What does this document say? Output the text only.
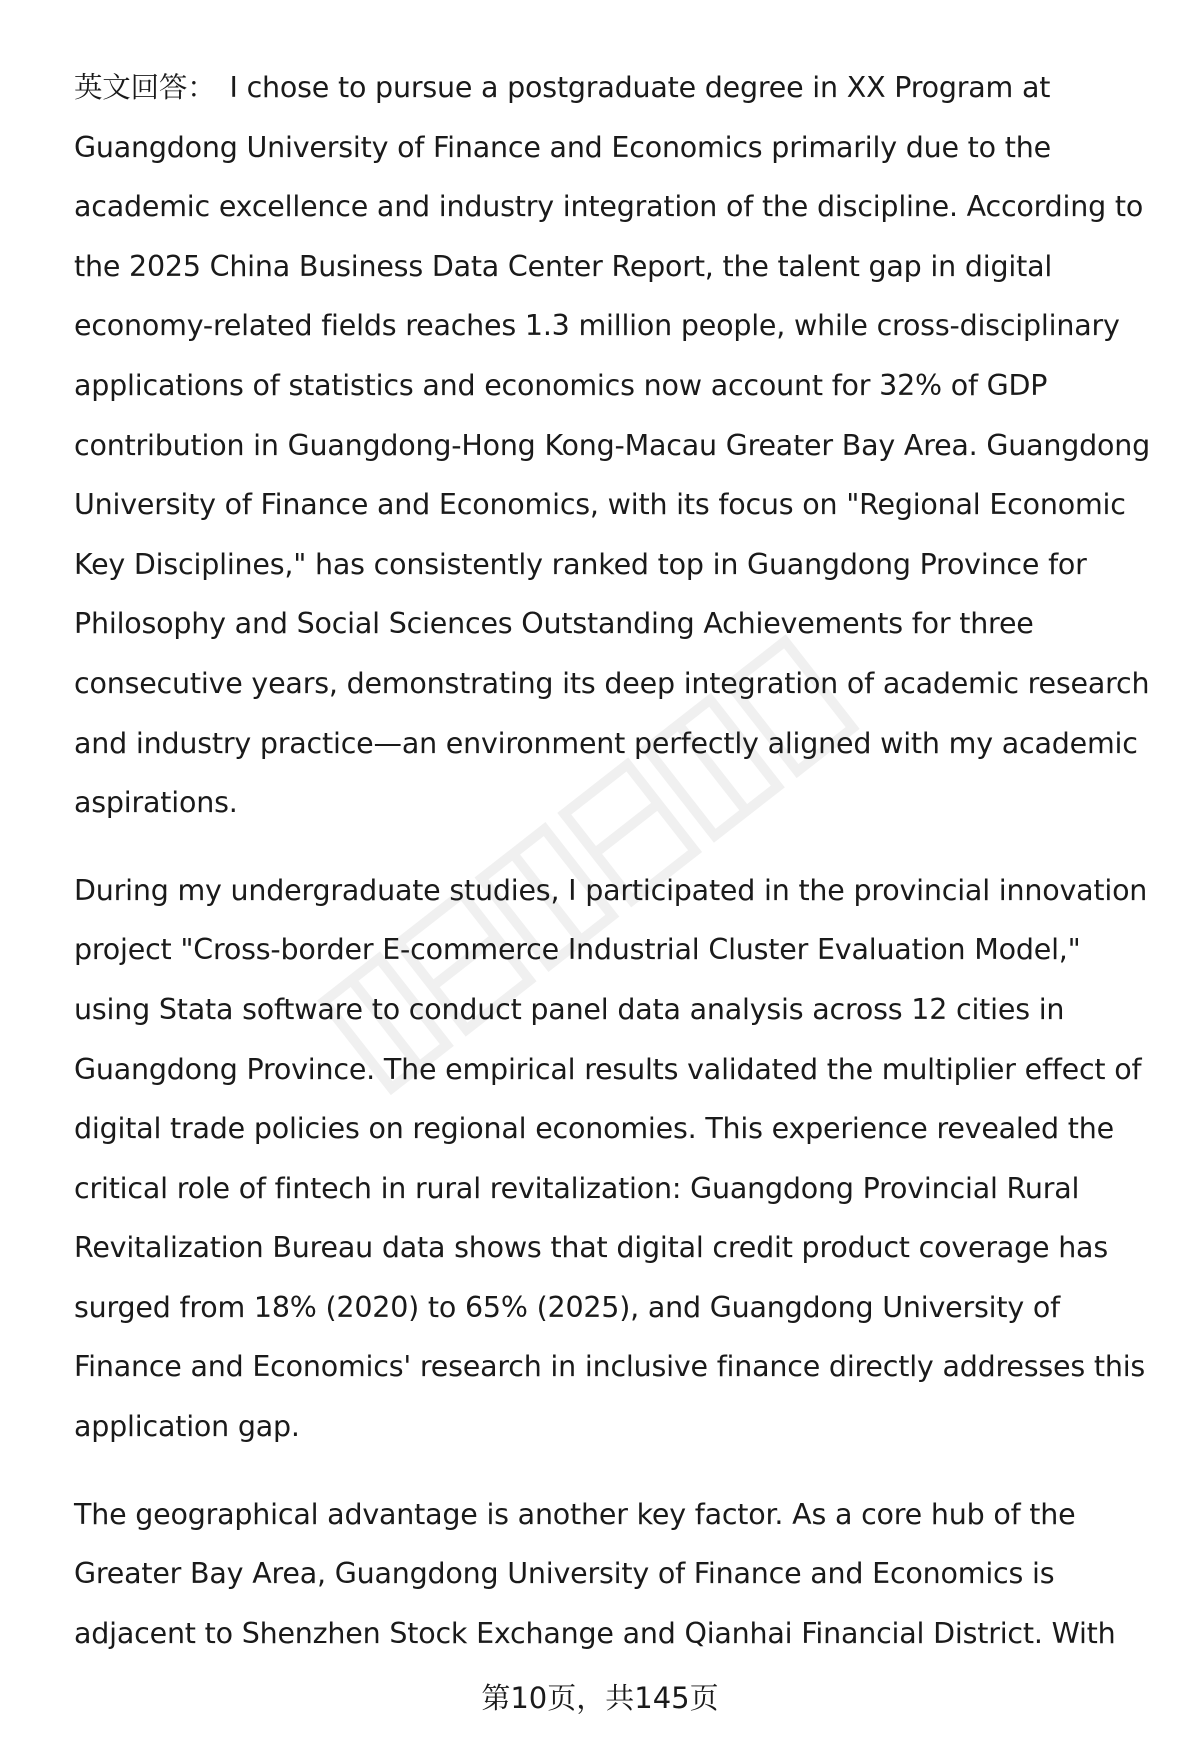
英文回答： I chose to pursue a postgraduate degree in XX Program at Guangdong University of Finance and Economics primarily due to the academic excellence and industry integration of the discipline. According to the 2025 China Business Data Center Report, the talent gap in digital economy-related fields reaches 1.3 million people, while cross-disciplinary applications of statistics and economics now account for 32% of GDP contribution in Guangdong-Hong Kong-Macau Greater Bay Area. Guangdong University of Finance and Economics, with its focus on "Regional Economic Key Disciplines," has consistently ranked top in Guangdong Province for Philosophy and Social Sciences Outstanding Achievements for three consecutive years, demonstrating its deep integration of academic research and industry practice—an environment perfectly aligned with my academic aspirations.

During my undergraduate studies, I participated in the provincial innovation project "Cross-border E-commerce Industrial Cluster Evaluation Model," using Stata software to conduct panel data analysis across 12 cities in Guangdong Province. The empirical results validated the multiplier effect of digital trade policies on regional economies. This experience revealed the critical role of fintech in rural revitalization: Guangdong Provincial Rural Revitalization Bureau data shows that digital credit product coverage has surged from 18% (2020) to 65% (2025), and Guangdong University of Finance and Economics' research in inclusive finance directly addresses this application gap.

The geographical advantage is another key factor. As a core hub of the Greater Bay Area, Guangdong University of Finance and Economics is adjacent to Shenzhen Stock Exchange and Qianhai Financial District. With

第10页，共145页
